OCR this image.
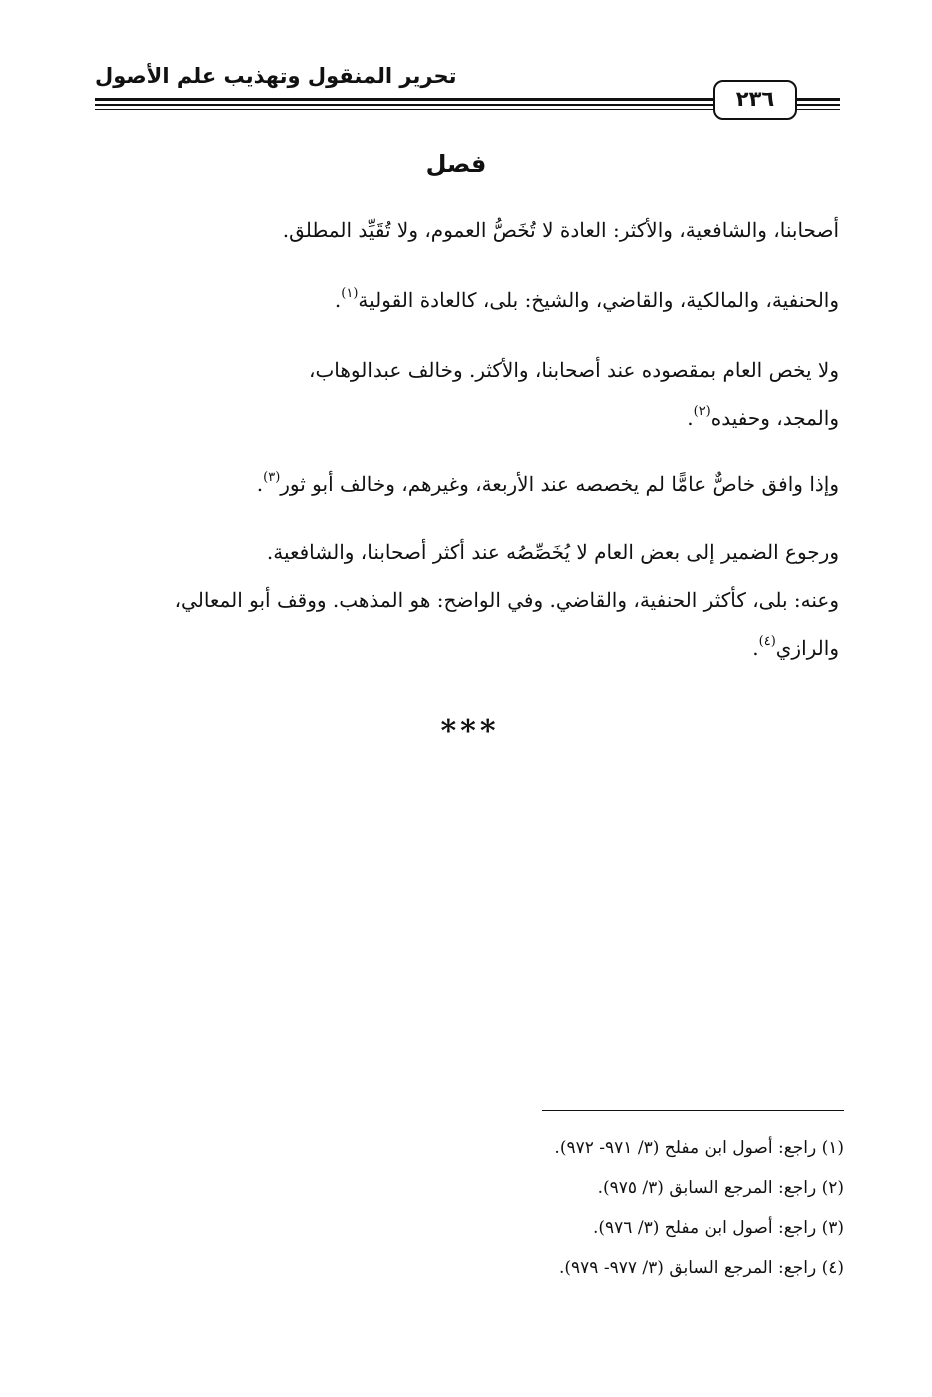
تحرير المنقول وتهذيب علم الأصول
٢٣٦
فصل
أصحابنا، والشافعية، والأكثر: العادة لا تُخَصُّ العموم، ولا تُقَيِّد المطلق.
والحنفية، والمالكية، والقاضي، والشيخ: بلى، كالعادة القولية$^{(١)}$.
ولا يخص العام بمقصوده عند أصحابنا، والأكثر. وخالف عبدالوهاب،
والمجد، وحفيده$^{(٢)}$.
وإذا وافق خاصٌّ عامًّا لم يخصصه عند الأربعة، وغيرهم، وخالف أبو ثور$^{(٣)}$.
ورجوع الضمير إلى بعض العام لا يُخَصِّصُه عند أكثر أصحابنا، والشافعية.
وعنه: بلى، كأكثر الحنفية، والقاضي. وفي الواضح: هو المذهب. ووقف أبو المعالي،
والرازي$^{(٤)}$.
***
(١) راجع: أصول ابن مفلح (٣/ ٩٧١- ٩٧٢).
(٢) راجع: المرجع السابق (٣/ ٩٧٥).
(٣) راجع: أصول ابن مفلح (٣/ ٩٧٦).
(٤) راجع: المرجع السابق (٣/ ٩٧٧- ٩٧٩).
